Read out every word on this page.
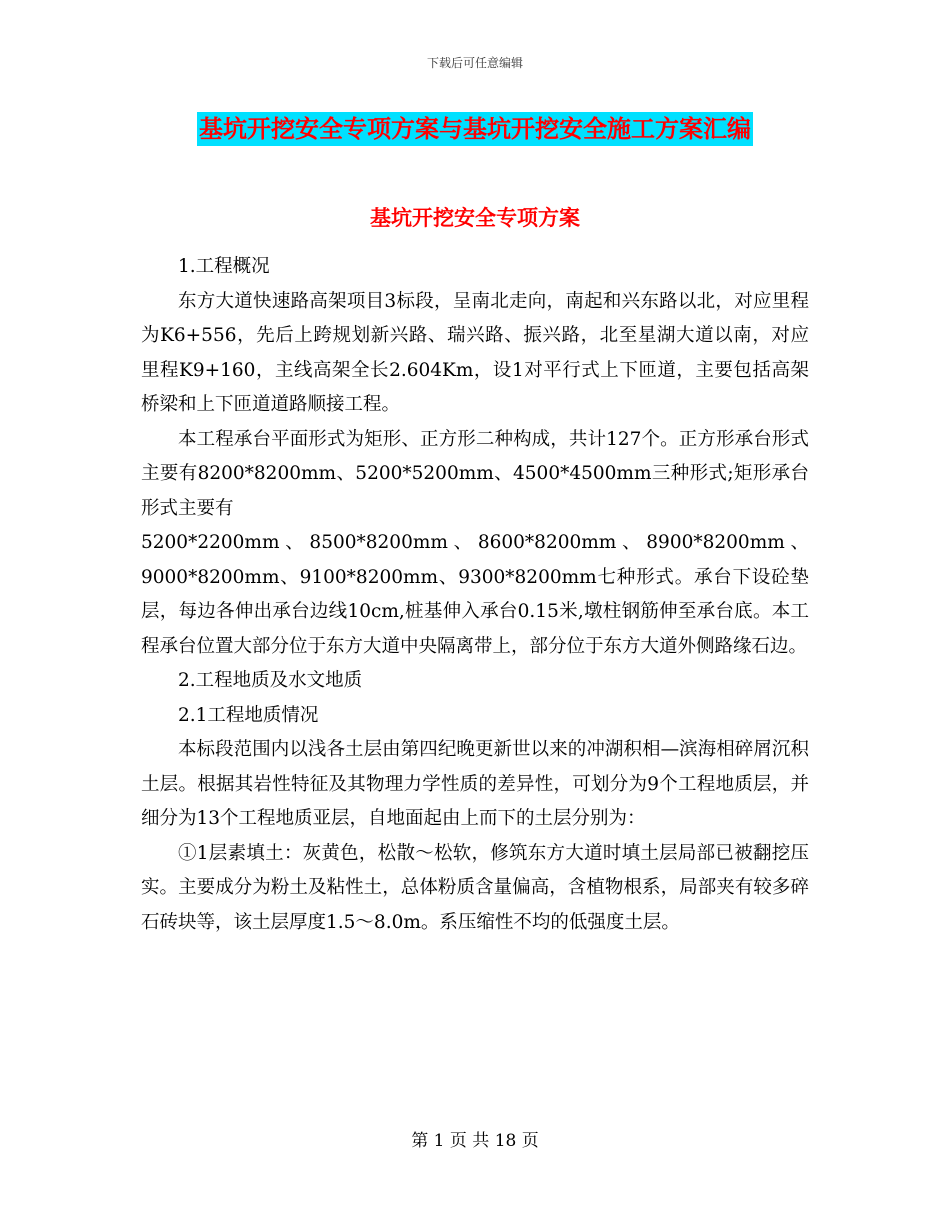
下载后可任意编辑
基坑开挖安全专项方案与基坑开挖安全施工方案汇编
基坑开挖安全专项方案

1.工程概况

东方大道快速路高架项目3标段，呈南北走向，南起和兴东路以北，对应里程为K6+556，先后上跨规划新兴路、瑞兴路、振兴路，北至星湖大道以南，对应里程K9+160，主线高架全长2.604Km，设1对平行式上下匝道，主要包括高架桥梁和上下匝道道路顺接工程。

本工程承台平面形式为矩形、正方形二种构成，共计127个。正方形承台形式主要有8200*8200mm、5200*5200mm、4500*4500mm三种形式;矩形承台形式主要有

5200*2200mm、8500*8200mm、8600*8200mm、8900*8200mm、9000*8200mm、9100*8200mm、9300*8200mm七种形式。承台下设砼垫层，每边各伸出承台边线10cm,桩基伸入承台0.15米,墩柱钢筋伸至承台底。本工程承台位置大部分位于东方大道中央隔离带上，部分位于东方大道外侧路缘石边。

2.工程地质及水文地质

2.1工程地质情况

本标段范围内以浅各土层由第四纪晚更新世以来的冲湖积相—滨海相碎屑沉积土层。根据其岩性特征及其物理力学性质的差异性，可划分为9个工程地质层，并细分为13个工程地质亚层，自地面起由上而下的土层分别为：

①1层素填土：灰黄色，松散～松软，修筑东方大道时填土层局部已被翻挖压实。主要成分为粉土及粘性土，总体粉质含量偏高，含植物根系，局部夹有较多碎石砖块等，该土层厚度1.5～8.0m。系压缩性不均的低强度土层。

第 1 页 共 18 页
